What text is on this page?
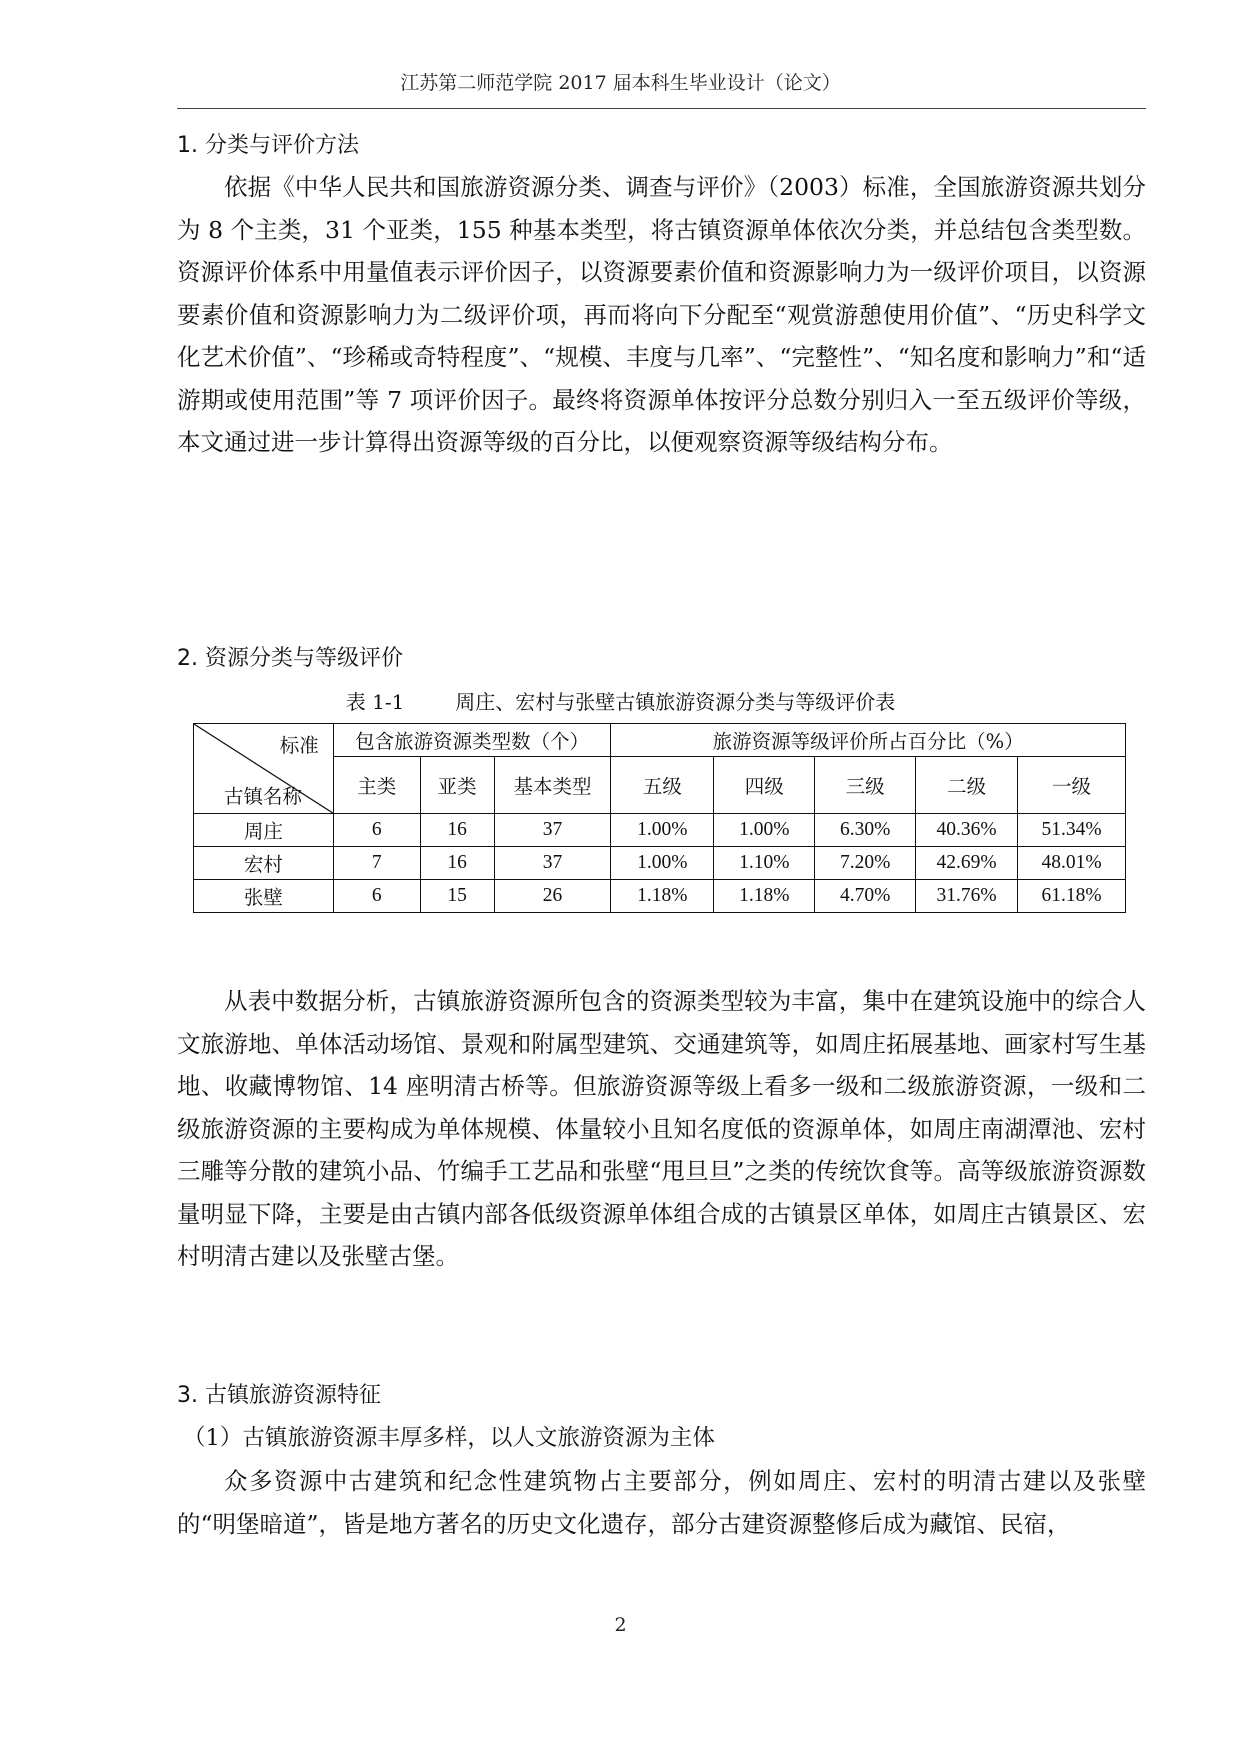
江苏第二师范学院 2017 届本科生毕业设计（论文）
1. 分类与评价方法
依据《中华人民共和国旅游资源分类、调查与评价》（2003）标准，全国旅游资源共划分为 8 个主类，31 个亚类，155 种基本类型，将古镇资源单体依次分类，并总结包含类型数。资源评价体系中用量值表示评价因子，以资源要素价值和资源影响力为一级评价项目，以资源要素价值和资源影响力为二级评价项，再而将向下分配至“观赏游憩使用价值”、“历史科学文化艺术价值”、“珍稀或奇特程度”、“规模、丰度与几率”、“完整性”、“知名度和影响力”和“适游期或使用范围”等 7 项评价因子。最终将资源单体按评分总数分别归入一至五级评价等级，本文通过进一步计算得出资源等级的百分比，以便观察资源等级结构分布。
2. 资源分类与等级评价
表 1-1	周庄、宏村与张壁古镇旅游资源分类与等级评价表
标准
古镇名称	包含旅游资源类型数（个）			旅游资源等级评价所占百分比（%）				
	主类	亚类	基本类型	五级	四级	三级	二级	一级
周庄	6	16	37	1.00%	1.00%	6.30%	40.36%	51.34%
宏村	7	16	37	1.00%	1.10%	7.20%	42.69%	48.01%
张壁	6	15	26	1.18%	1.18%	4.70%	31.76%	61.18%
从表中数据分析，古镇旅游资源所包含的资源类型较为丰富，集中在建筑设施中的综合人文旅游地、单体活动场馆、景观和附属型建筑、交通建筑等，如周庄拓展基地、画家村写生基地、收藏博物馆、14 座明清古桥等。但旅游资源等级上看多一级和二级旅游资源，一级和二级旅游资源的主要构成为单体规模、体量较小且知名度低的资源单体，如周庄南湖潭池、宏村三雕等分散的建筑小品、竹编手工艺品和张壁“甩旦旦”之类的传统饮食等。高等级旅游资源数量明显下降，主要是由古镇内部各低级资源单体组合成的古镇景区单体，如周庄古镇景区、宏村明清古建以及张壁古堡。
3. 古镇旅游资源特征
（1）古镇旅游资源丰厚多样，以人文旅游资源为主体
众多资源中古建筑和纪念性建筑物占主要部分，例如周庄、宏村的明清古建以及张壁的“明堡暗道”，皆是地方著名的历史文化遗存，部分古建资源整修后成为藏馆、民宿，
2
